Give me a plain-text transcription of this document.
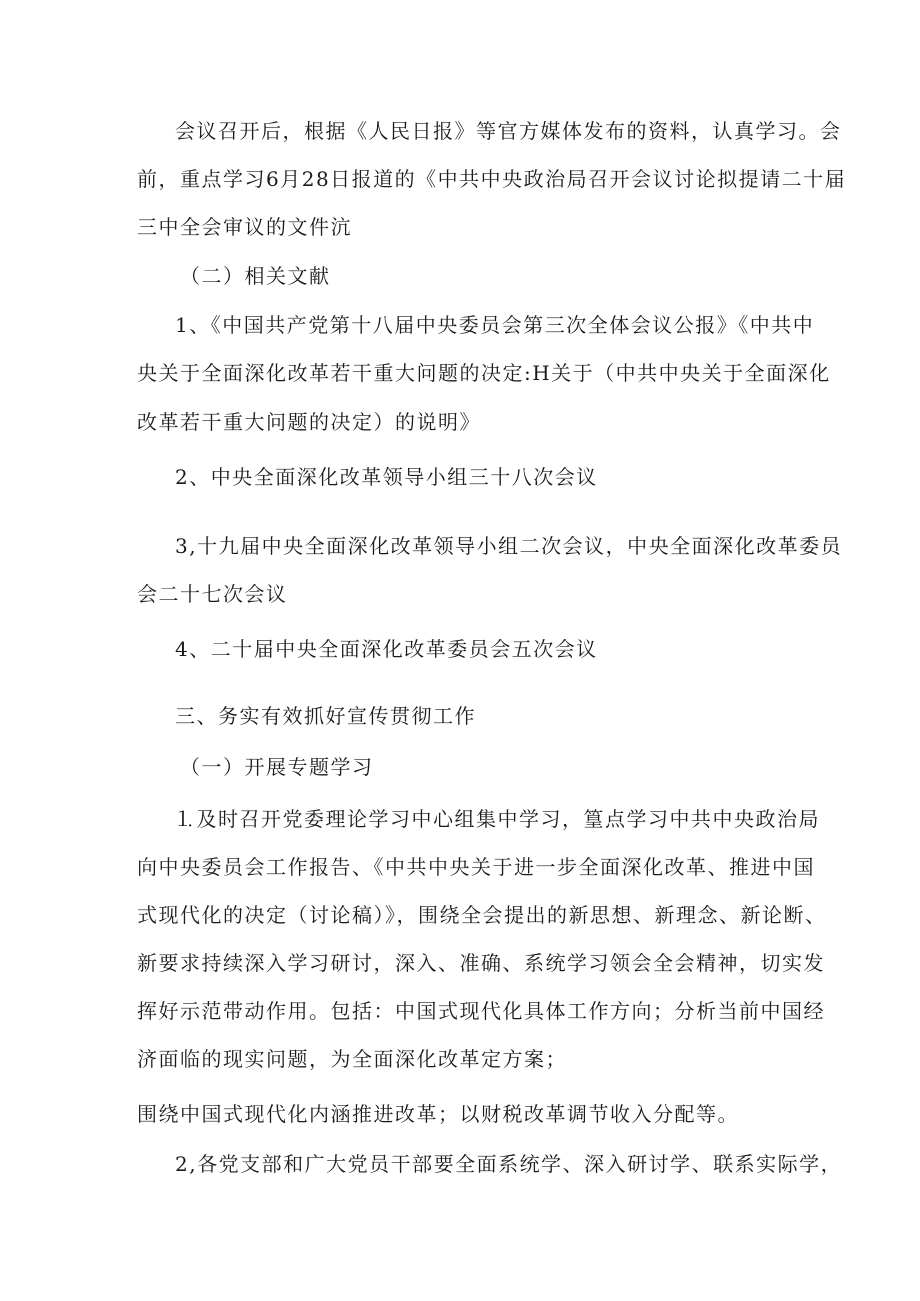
会议召开后，根据《人民日报》等官方媒体发布的资料，认真学习。会
前，重点学习6月28日报道的《中共中央政治局召开会议讨论拟提请二十届
三中全会审议的文件沆
（二）相关文献
1、《中国共产党第十八届中央委员会第三次全体会议公报》《中共中
央关于全面深化改革若干重大问题的决定:H关于（中共中央关于全面深化
改革若干重大问题的决定）的说明》
2、中央全面深化改革领导小组三十八次会议
3,十九届中央全面深化改革领导小组二次会议，中央全面深化改革委员
会二十七次会议
4、二十届中央全面深化改革委员会五次会议
三、务实有效抓好宣传贯彻工作
（一）开展专题学习
⒈及时召开党委理论学习中心组集中学习，篁点学习中共中央政治局
向中央委员会工作报告、《中共中央关于进一步全面深化改革、推进中国
式现代化的决定（讨论稿）》，围绕全会提出的新思想、新理念、新论断、
新要求持续深入学习研讨，深入、准确、系统学习领会全会精神，切实发
挥好示范带动作用。包括：中国式现代化具体工作方向；分析当前中国经
济面临的现实问题，为全面深化改革定方案；
围绕中国式现代化内涵推进改革；以财税改革调节收入分配等。
2,各党支部和广大党员干部要全面系统学、深入研讨学、联系实际学，
